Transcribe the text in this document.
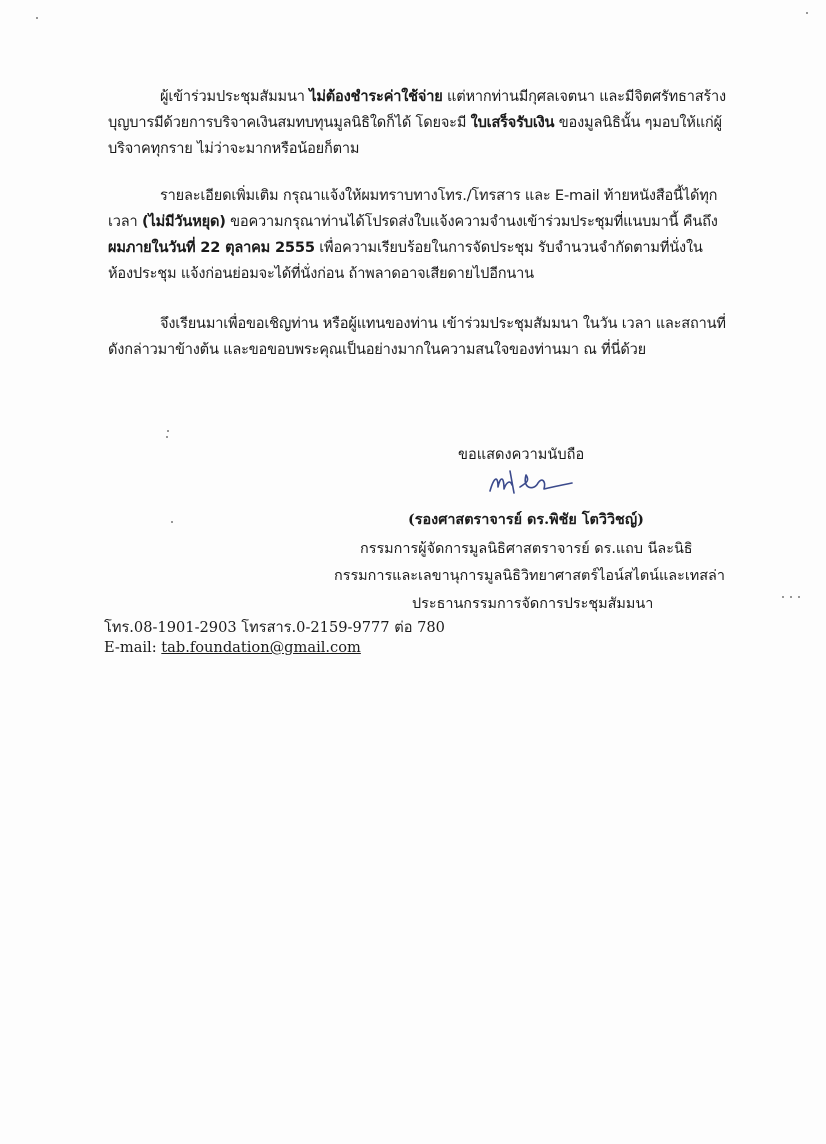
ผู้เข้าร่วมประชุมสัมมนา ไม่ต้องชำระค่าใช้จ่าย แต่หากท่านมีกุศลเจตนา และมีจิตศรัทธาสร้าง
บุญบารมีด้วยการบริจาคเงินสมทบทุนมูลนิธิใดก็ได้ โดยจะมี ใบเสร็จรับเงิน ของมูลนิธินั้น ๆมอบให้แก่ผู้
บริจาคทุกราย ไม่ว่าจะมากหรือน้อยก็ตาม
รายละเอียดเพิ่มเติม กรุณาแจ้งให้ผมทราบทางโทร./โทรสาร และ E-mail ท้ายหนังสือนี้ได้ทุก
เวลา (ไม่มีวันหยุด) ขอความกรุณาท่านได้โปรดส่งใบแจ้งความจำนงเข้าร่วมประชุมที่แนบมานี้ คืนถึง
ผมภายในวันที่ 22 ตุลาคม 2555 เพื่อความเรียบร้อยในการจัดประชุม รับจำนวนจำกัดตามที่นั่งใน
ห้องประชุม แจ้งก่อนย่อมจะได้ที่นั่งก่อน ถ้าพลาดอาจเสียดายไปอีกนาน
จึงเรียนมาเพื่อขอเชิญท่าน หรือผู้แทนของท่าน เข้าร่วมประชุมสัมมนา ในวัน เวลา และสถานที่
ดังกล่าวมาข้างต้น และขอขอบพระคุณเป็นอย่างมากในความสนใจของท่านมา ณ ที่นี่ด้วย
ขอแสดงความนับถือ
(รองศาสตราจารย์ ดร.พิชัย โตวิวิชญ์)
กรรมการผู้จัดการมูลนิธิศาสตราจารย์ ดร.แถบ นีละนิธิ
กรรมการและเลขานุการมูลนิธิวิทยาศาสตร์ไอน์สไตน์และเทสล่า
ประธานกรรมการจัดการประชุมสัมมนา
โทร.08-1901-2903 โทรสาร.0-2159-9777 ต่อ 780
E-mail: tab.foundation@gmail.com
